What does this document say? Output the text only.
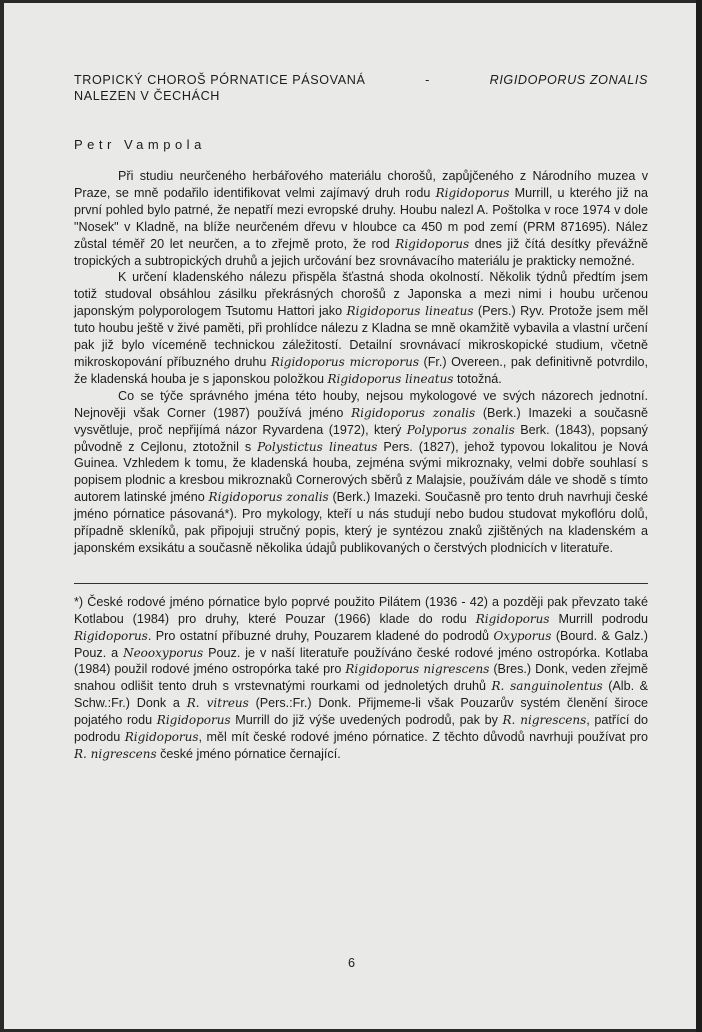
TROPICKÝ CHOROŠ PÓRNATICE PÁSOVANÁ	-	RIGIDOPORUS ZONALIS
NALEZEN V ČECHÁCH
Petr Vampola

Při studiu neurčeného herbářového materiálu chorošů, zapůjčeného z Národního muzea v Praze, se mně podařilo identifikovat velmi zajímavý druh rodu Rigidoporus Murrill, u kterého již na první pohled bylo patrné, že nepatří mezi evropské druhy. Houbu nalezl A. Poštolka v roce 1974 v dole "Nosek" v Kladně, na blíže neurčeném dřevu v hloubce ca 450 m pod zemí (PRM 871695). Nález zůstal téměř 20 let neurčen, a to zřejmě proto, že rod Rigidoporus dnes již čítá desítky převážně tropických a subtropických druhů a jejich určování bez srovnávacího materiálu je prakticky nemožné.

K určení kladenského nálezu přispěla šťastná shoda okolností. Několik týdnů předtím jsem totiž studoval obsáhlou zásilku překrásných chorošů z Japonska a mezi nimi i houbu určenou japonským polyporologem Tsutomu Hattori jako Rigidoporus lineatus (Pers.) Ryv. Protože jsem měl tuto houbu ještě v živé paměti, při prohlídce nálezu z Kladna se mně okamžitě vybavila a vlastní určení pak již bylo víceméně technickou záležitostí. Detailní srovnávací mikroskopické studium, včetně mikroskopování příbuzného druhu Rigidoporus microporus (Fr.) Overeen., pak definitivně potvrdilo, že kladenská houba je s japonskou položkou Rigidoporus lineatus totožná.

Co se týče správného jména této houby, nejsou mykologové ve svých názorech jednotní. Nejnověji však Corner (1987) používá jméno Rigidoporus zonalis (Berk.) Imazeki a současně vysvětluje, proč nepřijímá názor Ryvardena (1972), který Polyporus zonalis Berk. (1843), popsaný původně z Cejlonu, ztotožnil s Polystictus lineatus Pers. (1827), jehož typovou lokalitou je Nová Guinea. Vzhledem k tomu, že kladenská houba, zejména svými mikroznaky, velmi dobře souhlasí s popisem plodnic a kresbou mikroznaků Cornerových sběrů z Malajsie, používám dále ve shodě s tímto autorem latinské jméno Rigidoporus zonalis (Berk.) Imazeki. Současně pro tento druh navrhuji české jméno pórnatice pásovaná*). Pro mykology, kteří u nás studují nebo budou studovat mykoflóru dolů, případně skleníků, pak připojuji stručný popis, který je syntézou znaků zjištěných na kladenském a japonském exsikátu a současně několika údajů publikovaných o čerstvých plodnicích v literatuře.

*) České rodové jméno pórnatice bylo poprvé použito Pilátem (1936 - 42) a později pak převzato také Kotlabou (1984) pro druhy, které Pouzar (1966) klade do rodu Rigidoporus Murrill podrodu Rigidoporus. Pro ostatní příbuzné druhy, Pouzarem kladené do podrodů Oxyporus (Bourd. & Galz.) Pouz. a Neooxyporus Pouz. je v naší literatuře používáno české rodové jméno ostropórka. Kotlaba (1984) použil rodové jméno ostropórka také pro Rigidoporus nigrescens (Bres.) Donk, veden zřejmě snahou odlišit tento druh s vrstevnatými rourkami od jednoletých druhů R. sanguinolentus (Alb. & Schw.:Fr.) Donk a R. vitreus (Pers.:Fr.) Donk. Přijmeme-li však Pouzarův systém členění široce pojatého rodu Rigidoporus Murrill do již výše uvedených podrodů, pak by R. nigrescens, patřící do podrodu Rigidoporus, měl mít české rodové jméno pórnatice. Z těchto důvodů navrhuji používat pro R. nigrescens české jméno pórnatice černající.
6
